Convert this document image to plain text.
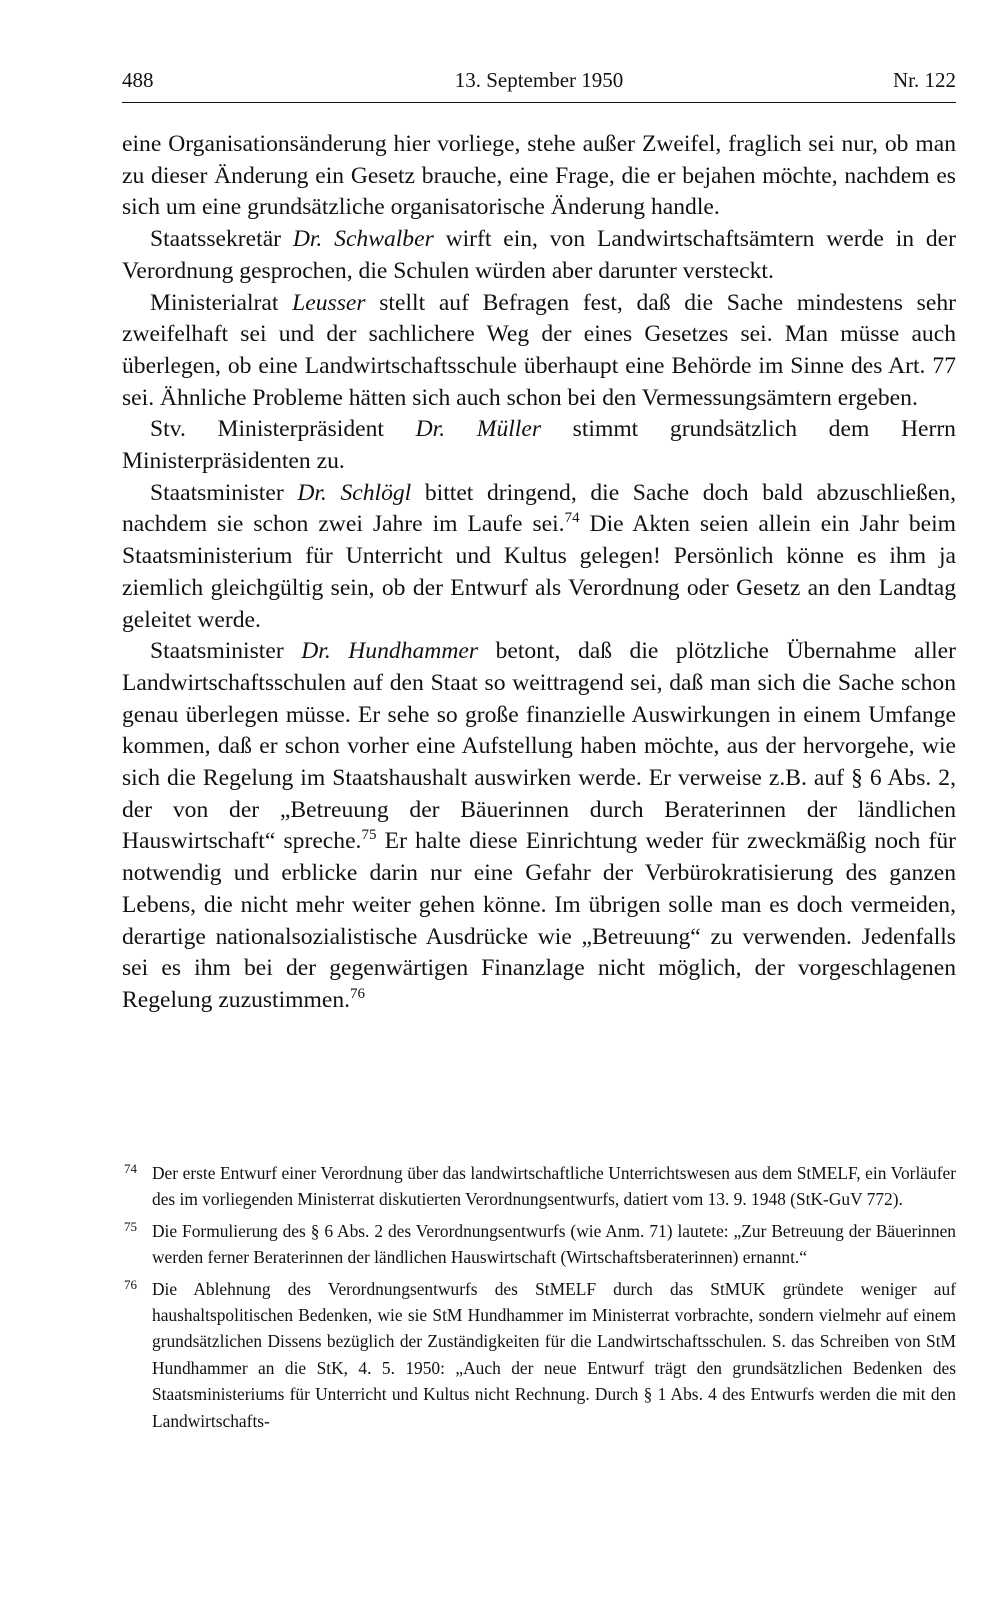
488	13. September 1950	Nr. 122

eine Organisationsänderung hier vorliege, stehe außer Zweifel, fraglich sei nur, ob man zu dieser Änderung ein Gesetz brauche, eine Frage, die er bejahen möchte, nachdem es sich um eine grundsätzliche organisatorische Änderung handle.

Staatssekretär Dr. Schwalber wirft ein, von Landwirtschaftsämtern werde in der Verordnung gesprochen, die Schulen würden aber darunter versteckt.

Ministerialrat Leusser stellt auf Befragen fest, daß die Sache mindestens sehr zweifelhaft sei und der sachlichere Weg der eines Gesetzes sei. Man müsse auch überlegen, ob eine Landwirtschaftsschule überhaupt eine Behörde im Sinne des Art. 77 sei. Ähnliche Probleme hätten sich auch schon bei den Vermessungsämtern ergeben.

Stv. Ministerpräsident Dr. Müller stimmt grundsätzlich dem Herrn Ministerpräsidenten zu.

Staatsminister Dr. Schlögl bittet dringend, die Sache doch bald abzuschließen, nachdem sie schon zwei Jahre im Laufe sei.$^{74}$ Die Akten seien allein ein Jahr beim Staatsministerium für Unterricht und Kultus gelegen! Persönlich könne es ihm ja ziemlich gleichgültig sein, ob der Entwurf als Verordnung oder Gesetz an den Landtag geleitet werde.

Staatsminister Dr. Hundhammer betont, daß die plötzliche Übernahme aller Landwirtschaftsschulen auf den Staat so weittragend sei, daß man sich die Sache schon genau überlegen müsse. Er sehe so große finanzielle Auswirkungen in einem Umfange kommen, daß er schon vorher eine Aufstellung haben möchte, aus der hervorgehe, wie sich die Regelung im Staatshaushalt auswirken werde. Er verweise z.B. auf § 6 Abs. 2, der von der „Betreuung der Bäuerinnen durch Beraterinnen der ländlichen Hauswirtschaft“ spreche.$^{75}$ Er halte diese Einrichtung weder für zweckmäßig noch für notwendig und erblicke darin nur eine Gefahr der Verbürokratisierung des ganzen Lebens, die nicht mehr weiter gehen könne. Im übrigen solle man es doch vermeiden, derartige nationalsozialistische Ausdrücke wie „Betreuung“ zu verwenden. Jedenfalls sei es ihm bei der gegenwärtigen Finanzlage nicht möglich, der vorgeschlagenen Regelung zuzustimmen.$^{76}$

74 Der erste Entwurf einer Verordnung über das landwirtschaftliche Unterrichtswesen aus dem StMELF, ein Vorläufer des im vorliegenden Ministerrat diskutierten Verordnungsentwurfs, datiert vom 13. 9. 1948 (StK-GuV 772).

75 Die Formulierung des § 6 Abs. 2 des Verordnungsentwurfs (wie Anm. 71) lautete: „Zur Betreuung der Bäuerinnen werden ferner Beraterinnen der ländlichen Hauswirtschaft (Wirtschaftsberaterinnen) ernannt.“

76 Die Ablehnung des Verordnungsentwurfs des StMELF durch das StMUK gründete weniger auf haushaltspolitischen Bedenken, wie sie StM Hundhammer im Ministerrat vorbrachte, sondern vielmehr auf einem grundsätzlichen Dissens bezüglich der Zuständigkeiten für die Landwirtschaftsschulen. S. das Schreiben von StM Hundhammer an die StK, 4. 5. 1950: „Auch der neue Entwurf trägt den grundsätzlichen Bedenken des Staatsministeriums für Unterricht und Kultus nicht Rechnung. Durch § 1 Abs. 4 des Entwurfs werden die mit den Landwirtschafts-
